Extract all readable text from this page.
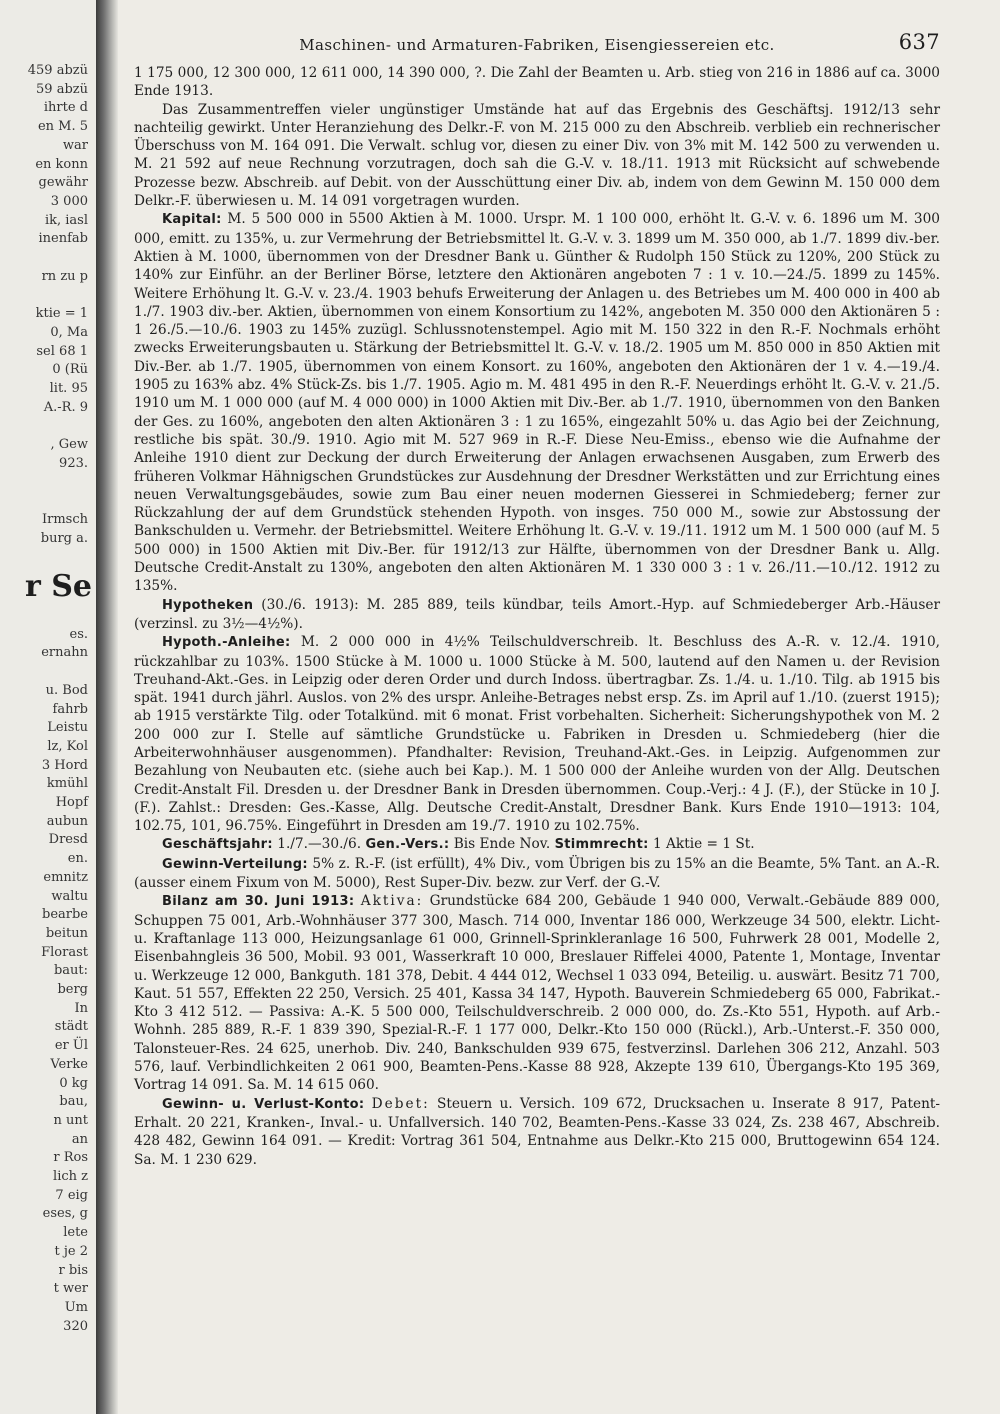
459 abzü
59 abzü
ihrte d
en M. 5
war
en konn
gewähr
3 000
ik, iasl
inenfab

rn zu p

ktie = 1
0, Ma
sel 68 1
0 (Rü
lit. 95
A.-R. 9

, Gew
923.

Irmsch
burg a.

r Se

es.
ernahn

u. Bod
fahrb
Leistu
lz, Kol
3 Hord
kmühl
Hopf
aubun
Dresd
en.
emnitz
waltu
bearbe
beitun
Florast
baut:
berg
In
städt
er Ül
Verke
0 kg
bau,
n unt
an
r Ros
lich z
7 eig
eses, g
lete
t je 2
r bis
t wer
Um
320
Maschinen- und Armaturen-Fabriken, Eisengiessereien etc.	637

1 175 000, 12 300 000, 12 611 000, 14 390 000, ?. Die Zahl der Beamten u. Arb. stieg von 216 in 1886 auf ca. 3000 Ende 1913.

Das Zusammentreffen vieler ungünstiger Umstände hat auf das Ergebnis des Geschäftsj. 1912/13 sehr nachteilig gewirkt. Unter Heranziehung des Delkr.-F. von M. 215 000 zu den Abschreib. verblieb ein rechnerischer Überschuss von M. 164 091. Die Verwalt. schlug vor, diesen zu einer Div. von 3% mit M. 142 500 zu verwenden u. M. 21 592 auf neue Rechnung vorzutragen, doch sah die G.-V. v. 18./11. 1913 mit Rücksicht auf schwebende Prozesse bezw. Abschreib. auf Debit. von der Ausschüttung einer Div. ab, indem von dem Gewinn M. 150 000 dem Delkr.-F. überwiesen u. M. 14 091 vorgetragen wurden.

Kapital: M. 5 500 000 in 5500 Aktien à M. 1000. Urspr. M. 1 100 000, erhöht lt. G.-V. v. 6. 1896 um M. 300 000, emitt. zu 135%, u. zur Vermehrung der Betriebsmittel lt. G.-V. v. 3. 1899 um M. 350 000, ab 1./7. 1899 div.-ber. Aktien à M. 1000, übernommen von der Dresdner Bank u. Günther & Rudolph 150 Stück zu 120%, 200 Stück zu 140% zur Einführ. an der Berliner Börse, letztere den Aktionären angeboten 7 : 1 v. 10.—24./5. 1899 zu 145%. Weitere Erhöhung lt. G.-V. v. 23./4. 1903 behufs Erweiterung der Anlagen u. des Betriebes um M. 400 000 in 400 ab 1./7. 1903 div.-ber. Aktien, übernommen von einem Konsortium zu 142%, angeboten M. 350 000 den Aktionären 5 : 1 26./5.—10./6. 1903 zu 145% zuzügl. Schlussnotenstempel. Agio mit M. 150 322 in den R.-F. Nochmals erhöht zwecks Erweiterungsbauten u. Stärkung der Betriebsmittel lt. G.-V. v. 18./2. 1905 um M. 850 000 in 850 Aktien mit Div.-Ber. ab 1./7. 1905, übernommen von einem Konsort. zu 160%, angeboten den Aktionären der 1 v. 4.—19./4. 1905 zu 163% abz. 4% Stück-Zs. bis 1./7. 1905. Agio m. M. 481 495 in den R.-F. Neuerdings erhöht lt. G.-V. v. 21./5. 1910 um M. 1 000 000 (auf M. 4 000 000) in 1000 Aktien mit Div.-Ber. ab 1./7. 1910, übernommen von den Banken der Ges. zu 160%, angeboten den alten Aktionären 3 : 1 zu 165%, eingezahlt 50% u. das Agio bei der Zeichnung, restliche bis spät. 30./9. 1910. Agio mit M. 527 969 in R.-F. Diese Neu-Emiss., ebenso wie die Aufnahme der Anleihe 1910 dient zur Deckung der durch Erweiterung der Anlagen erwachsenen Ausgaben, zum Erwerb des früheren Volkmar Hähnigschen Grundstückes zur Ausdehnung der Dresdner Werkstätten und zur Errichtung eines neuen Verwaltungsgebäudes, sowie zum Bau einer neuen modernen Giesserei in Schmiedeberg; ferner zur Rückzahlung der auf dem Grundstück stehenden Hypoth. von insges. 750 000 M., sowie zur Abstossung der Bankschulden u. Vermehr. der Betriebsmittel. Weitere Erhöhung lt. G.-V. v. 19./11. 1912 um M. 1 500 000 (auf M. 5 500 000) in 1500 Aktien mit Div.-Ber. für 1912/13 zur Hälfte, übernommen von der Dresdner Bank u. Allg. Deutsche Credit-Anstalt zu 130%, angeboten den alten Aktionären M. 1 330 000 3 : 1 v. 26./11.—10./12. 1912 zu 135%.

Hypotheken (30./6. 1913): M. 285 889, teils kündbar, teils Amort.-Hyp. auf Schmiedeberger Arb.-Häuser (verzinsl. zu 3½—4½%).

Hypoth.-Anleihe: M. 2 000 000 in 4½% Teilschuldverschreib. lt. Beschluss des A.-R. v. 12./4. 1910, rückzahlbar zu 103%. 1500 Stücke à M. 1000 u. 1000 Stücke à M. 500, lautend auf den Namen u. der Revision Treuhand-Akt.-Ges. in Leipzig oder deren Order und durch Indoss. übertragbar. Zs. 1./4. u. 1./10. Tilg. ab 1915 bis spät. 1941 durch jährl. Auslos. von 2% des urspr. Anleihe-Betrages nebst ersp. Zs. im April auf 1./10. (zuerst 1915); ab 1915 verstärkte Tilg. oder Totalkünd. mit 6 monat. Frist vorbehalten. Sicherheit: Sicherungshypothek von M. 2 200 000 zur I. Stelle auf sämtliche Grundstücke u. Fabriken in Dresden u. Schmiedeberg (hier die Arbeiterwohnhäuser ausgenommen). Pfandhalter: Revision, Treuhand-Akt.-Ges. in Leipzig. Aufgenommen zur Bezahlung von Neubauten etc. (siehe auch bei Kap.). M. 1 500 000 der Anleihe wurden von der Allg. Deutschen Credit-Anstalt Fil. Dresden u. der Dresdner Bank in Dresden übernommen. Coup.-Verj.: 4 J. (F.), der Stücke in 10 J. (F.). Zahlst.: Dresden: Ges.-Kasse, Allg. Deutsche Credit-Anstalt, Dresdner Bank. Kurs Ende 1910—1913: 104, 102.75, 101, 96.75%. Eingeführt in Dresden am 19./7. 1910 zu 102.75%.

Geschäftsjahr: 1./7.—30./6. Gen.-Vers.: Bis Ende Nov. Stimmrecht: 1 Aktie = 1 St.

Gewinn-Verteilung: 5% z. R.-F. (ist erfüllt), 4% Div., vom Übrigen bis zu 15% an die Beamte, 5% Tant. an A.-R. (ausser einem Fixum von M. 5000), Rest Super-Div. bezw. zur Verf. der G.-V.

Bilanz am 30. Juni 1913: Aktiva: Grundstücke 684 200, Gebäude 1 940 000, Verwalt.-Gebäude 889 000, Schuppen 75 001, Arb.-Wohnhäuser 377 300, Masch. 714 000, Inventar 186 000, Werkzeuge 34 500, elektr. Licht- u. Kraftanlage 113 000, Heizungsanlage 61 000, Grinnell-Sprinkleranlage 16 500, Fuhrwerk 28 001, Modelle 2, Eisenbahngleis 36 500, Mobil. 93 001, Wasserkraft 10 000, Breslauer Riffelei 4000, Patente 1, Montage, Inventar u. Werkzeuge 12 000, Bankguth. 181 378, Debit. 4 444 012, Wechsel 1 033 094, Beteilig. u. auswärt. Besitz 71 700, Kaut. 51 557, Effekten 22 250, Versich. 25 401, Kassa 34 147, Hypoth. Bauverein Schmiedeberg 65 000, Fabrikat.-Kto 3 412 512. — Passiva: A.-K. 5 500 000, Teilschuldverschreib. 2 000 000, do. Zs.-Kto 551, Hypoth. auf Arb.-Wohnh. 285 889, R.-F. 1 839 390, Spezial-R.-F. 1 177 000, Delkr.-Kto 150 000 (Rückl.), Arb.-Unterst.-F. 350 000, Talonsteuer-Res. 24 625, unerhob. Div. 240, Bankschulden 939 675, festverzinsl. Darlehen 306 212, Anzahl. 503 576, lauf. Verbindlichkeiten 2 061 900, Beamten-Pens.-Kasse 88 928, Akzepte 139 610, Übergangs-Kto 195 369, Vortrag 14 091. Sa. M. 14 615 060.

Gewinn- u. Verlust-Konto: Debet: Steuern u. Versich. 109 672, Drucksachen u. Inserate 8 917, Patent-Erhalt. 20 221, Kranken-, Inval.- u. Unfallversich. 140 702, Beamten-Pens.-Kasse 33 024, Zs. 238 467, Abschreib. 428 482, Gewinn 164 091. — Kredit: Vortrag 361 504, Entnahme aus Delkr.-Kto 215 000, Bruttogewinn 654 124. Sa. M. 1 230 629.
